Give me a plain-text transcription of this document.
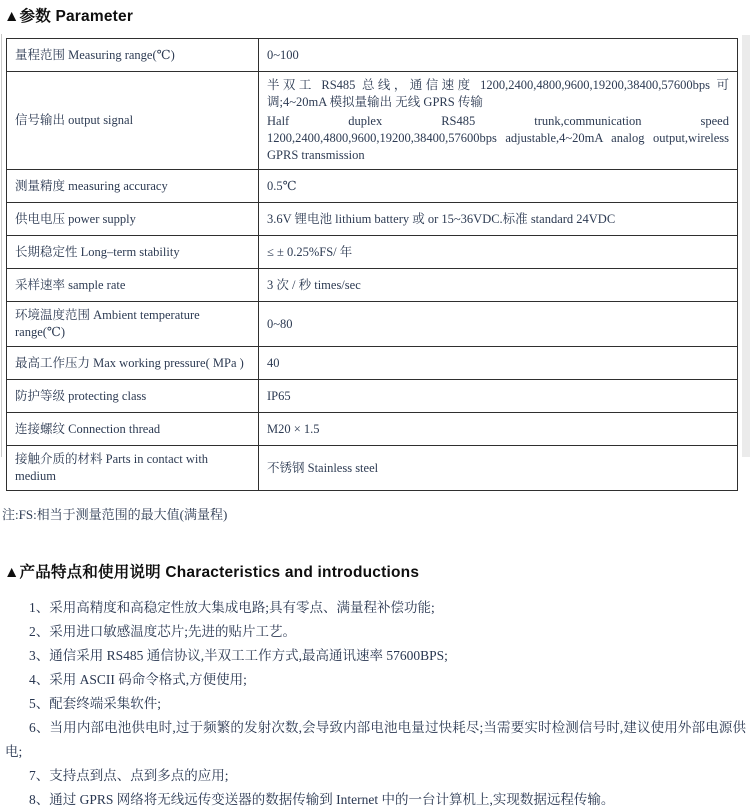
▲参数 Parameter
量程范围 Measuring range(℃)	0~100
信号输出 output signal	半双工 RS485 总线，通信速度 1200,2400,4800,9600,19200,38400,57600bps 可调;4~20mA 模拟量输出 无线 GPRS 传输

Half duplex RS485 trunk,communication speed 1200,2400,4800,9600,19200,38400,57600bps adjustable,4~20mA analog output,wireless GPRS transmission

测量精度 measuring accuracy	0.5℃
供电电压 power supply	3.6V 锂电池 lithium battery 或 or 15~36VDC.标准 standard 24VDC
长期稳定性 Long–term stability	≤ ± 0.25%FS/ 年
采样速率 sample rate	3 次 / 秒 times/sec
环境温度范围 Ambient temperature range(℃)	0~80
最高工作压力 Max working pressure( MPa )	40
防护等级 protecting class	IP65
连接螺纹 Connection thread	M20 × 1.5
接触介质的材料 Parts in contact with medium	不锈钢 Stainless steel
注:FS:相当于测量范围的最大值(满量程)
▲产品特点和使用说明 Characteristics and introductions

1、采用高精度和高稳定性放大集成电路;具有零点、满量程补偿功能;

2、采用进口敏感温度芯片;先进的贴片工艺。

3、通信采用 RS485 通信协议,半双工工作方式,最高通讯速率 57600BPS;

4、采用 ASCII 码命令格式,方便使用;

5、配套终端采集软件;

6、当用内部电池供电时,过于频繁的发射次数,会导致内部电池电量过快耗尽;当需要实时检测信号时,建议使用外部电源供电;

7、支持点到点、点到多点的应用;

8、通过 GPRS 网络将无线远传变送器的数据传输到 Internet 中的一台计算机上,实现数据远程传输。
